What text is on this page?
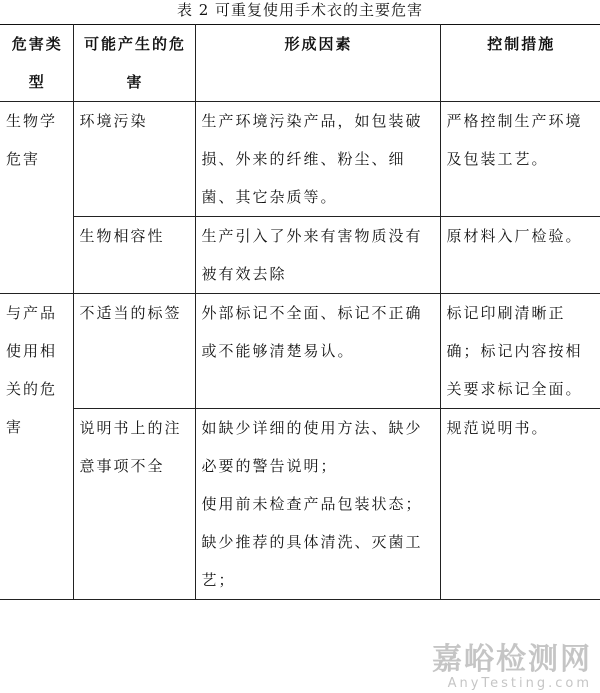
表 2 可重复使用手术衣的主要危害
危害类型	可能产生的危害	形成因素	控制措施

生物学危害	环境污染	生产环境污染产品，如包装破损、外来的纤维、粉尘、细菌、其它杂质等。	严格控制生产环境及包装工艺。

	生物相容性	生产引入了外来有害物质没有被有效去除	原材料入厂检验。

与产品使用相关的危害	不适当的标签	外部标记不全面、标记不正确或不能够清楚易认。	标记印刷清晰正确；标记内容按相关要求标记全面。

	说明书上的注意事项不全	如缺少详细的使用方法、缺少必要的警告说明；
使用前未检查产品包装状态；
缺少推荐的具体清洗、灭菌工艺；	规范说明书。
嘉峪检测网
AnyTesting.com
